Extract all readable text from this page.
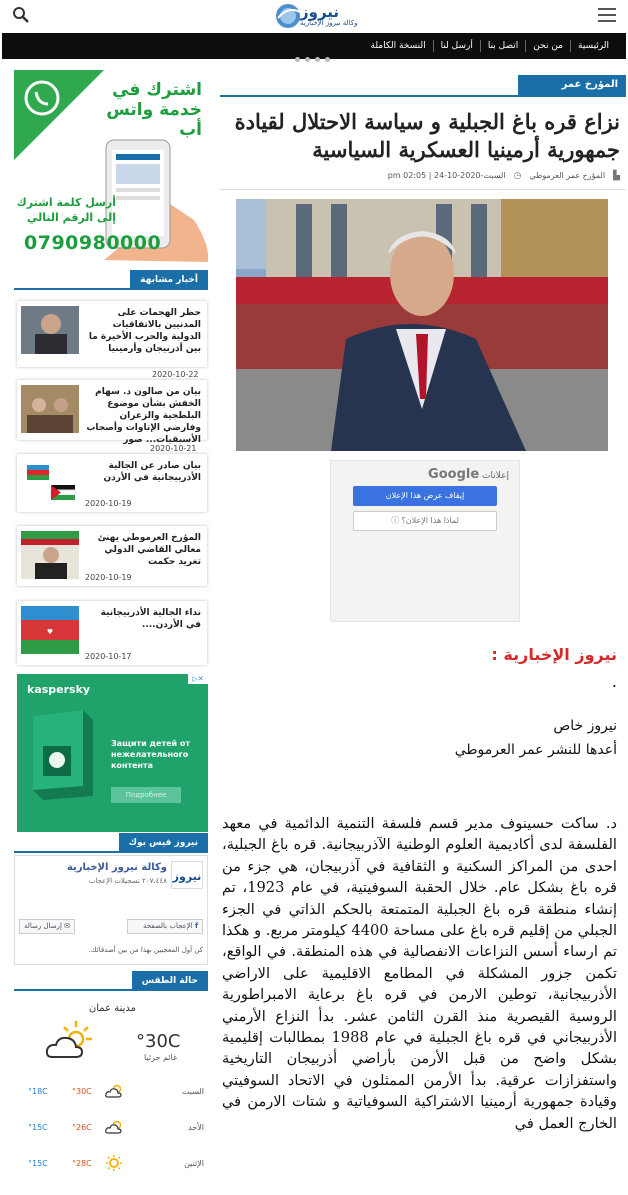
نيروز
وكالة نيروز الإخبارية
الرئيسية
من نحن
اتصل بنا
أرسل لنا
النسخة الكاملة
المؤرخ عمر العرموطي
نزاع قره باغ الجبلية و سياسة الاحتلال لقيادة جمهورية أرمينيا العسكرية السياسية
▙
المؤرخ عمر العرموطي
◷
السبت-2020-10-24 | 02:05 pm
إعلانات Google
إيقاف عرض هذا الإعلان
لماذا هذا الإعلان؟ ⓘ
نيروز الإخبارية :
.
نيروز خاص
أعدها للنشر عمر العرموطي
د. ساكت حسينوف مدير قسم فلسفة التنمية الدائمية في معهد الفلسفة لدى أكاديمية العلوم الوطنية الآذربيجانية. قره باغ الجبلية، احدى من المراكز السكنية و الثقافية في آذربيجان، هي جزء من قره باغ بشكل عام. خلال الحقبة السوفيتية، في عام 1923، تم إنشاء منطقة قره باغ الجبلية المتمتعة بالحكم الذاتي في الجزء الجبلي من إقليم قره باغ على مساحة 4400 كيلومتر مربع. و هكذا تم ارساء أسس النزاعات الانفصالية في هذه المنطقة. في الواقع، تكمن جزور المشكلة في المطامع الاقليمية على الاراضي الأذربيجانية، توطين الارمن في قره باغ برعاية الامبراطورية الروسية القيصرية منذ القرن الثامن عشر. بدأ النزاع الأرمني الأذربيجاني في قره باغ الجبلية في عام 1988 بمطالبات إقليمية بشكل واضح من قبل الأرمن بأراضي أذربيجان التاريخية واستفزازات عرقية. بدأ الأرمن الممثلون في الاتحاد السوفيتي وقيادة جمهورية أرمينيا الاشتراكية السوفياتية و شتات الارمن في الخارج العمل في
اشترك في خدمة واتس أب
أرسل كلمة اشترك إلى الرقم التالي
0790980000
أخبار مشابهة
حظر الهجمات على المدنيين بالاتفاقيات الدولية والحرب الأخيرة ما بين أذربيجان وأرمينيا
2020-10-22
بيان من صالون د. سهام الخفش بشأن موضوع البلطجية والزعران وفارضي الإتاوات وأصحاب الأسبقيات... صور
2020-10-21
بيان صادر عن الجالية الأذربيجانية في الأردن
2020-10-19
المؤرخ العرموطي يهنئ معالي القاضي الدولي تغريد حكمت
2020-10-19
♥
نداء الجالية الأذربيجانية في الأردن....
2020-10-17
▷✕
kaspersky
Защити детей от нежелательного контента
Подробнее
نيروز فيس بوك
نيروز
وكالة نيروز الإخبارية
٢٠٧،٤٤٨ تسجيلات الإعجاب
f الإعجاب بالصفحة
✉ إرسال رسالة
كن أول المعجبين بهذا من بين أصدقائك.
حالة الطقس
مدينة عمان
°30C
غائم جزئيا
السبت
°30C
°18C
الأحد
°26C
°15C
الإثنين
°28C
°15C
